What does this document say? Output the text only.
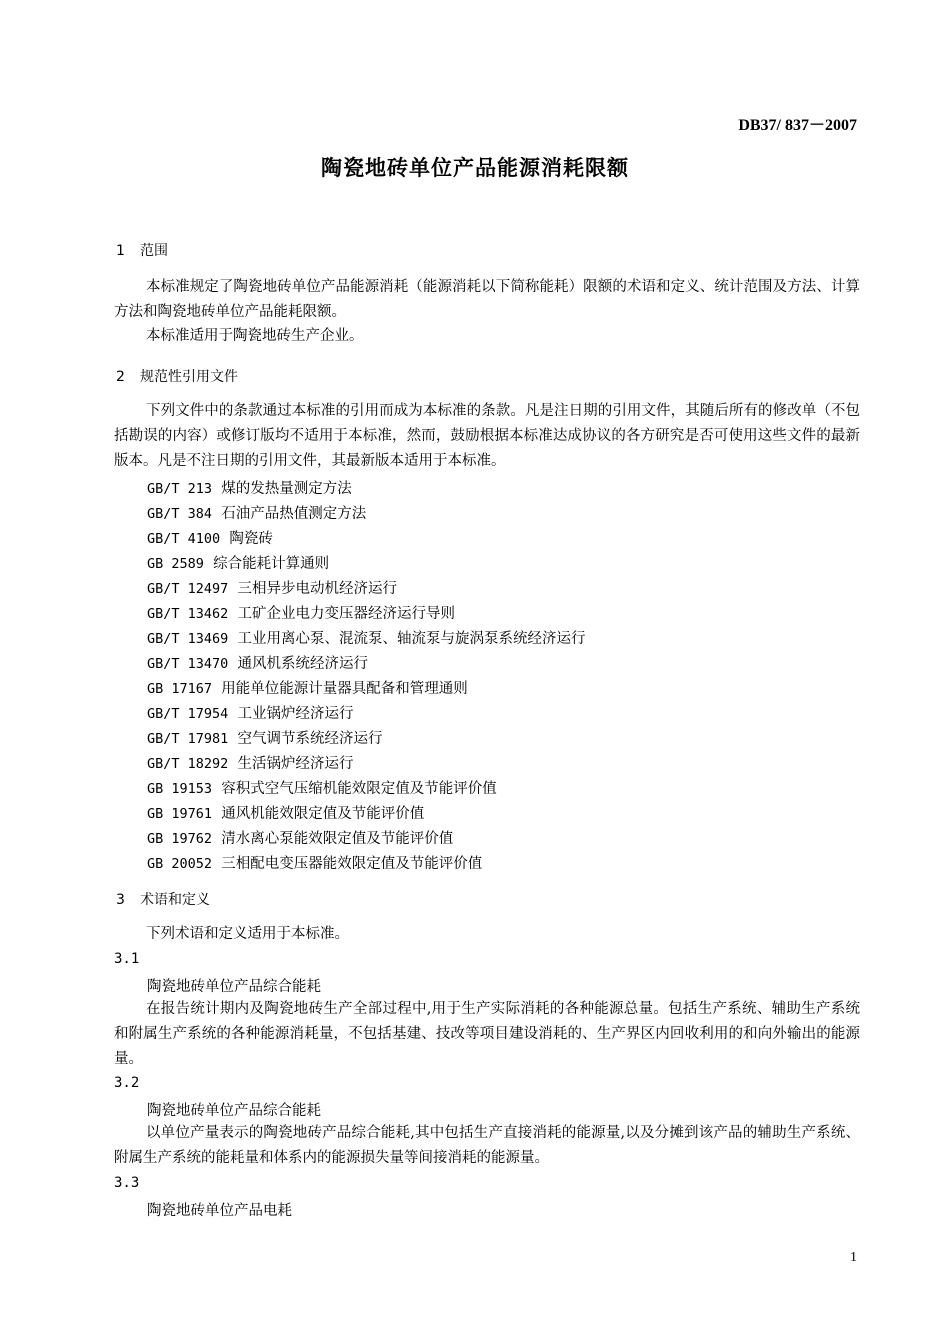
DB37/ 837－2007
陶瓷地砖单位产品能源消耗限额
1 范围

本标准规定了陶瓷地砖单位产品能源消耗（能源消耗以下简称能耗）限额的术语和定义、统计范围及方法、计算方法和陶瓷地砖单位产品能耗限额。

本标准适用于陶瓷地砖生产企业。

2 规范性引用文件

下列文件中的条款通过本标准的引用而成为本标准的条款。凡是注日期的引用文件，其随后所有的修改单（不包括勘误的内容）或修订版均不适用于本标准，然而，鼓励根据本标准达成协议的各方研究是否可使用这些文件的最新版本。凡是不注日期的引用文件，其最新版本适用于本标准。

GB/T 213 煤的发热量测定方法
GB/T 384 石油产品热值测定方法
GB/T 4100 陶瓷砖
GB 2589 综合能耗计算通则
GB/T 12497 三相异步电动机经济运行
GB/T 13462 工矿企业电力变压器经济运行导则
GB/T 13469 工业用离心泵、混流泵、轴流泵与旋涡泵系统经济运行
GB/T 13470 通风机系统经济运行
GB 17167 用能单位能源计量器具配备和管理通则
GB/T 17954 工业锅炉经济运行
GB/T 17981 空气调节系统经济运行
GB/T 18292 生活锅炉经济运行
GB 19153 容积式空气压缩机能效限定值及节能评价值
GB 19761 通风机能效限定值及节能评价值
GB 19762 清水离心泵能效限定值及节能评价值
GB 20052 三相配电变压器能效限定值及节能评价值
3 术语和定义

下列术语和定义适用于本标准。

3.1
陶瓷地砖单位产品综合能耗

在报告统计期内及陶瓷地砖生产全部过程中,用于生产实际消耗的各种能源总量。包括生产系统、辅助生产系统和附属生产系统的各种能源消耗量，不包括基建、技改等项目建设消耗的、生产界区内回收利用的和向外输出的能源量。

3.2
陶瓷地砖单位产品综合能耗

以单位产量表示的陶瓷地砖产品综合能耗,其中包括生产直接消耗的能源量,以及分摊到该产品的辅助生产系统、附属生产系统的能耗量和体系内的能源损失量等间接消耗的能源量。

3.3
陶瓷地砖单位产品电耗
1
